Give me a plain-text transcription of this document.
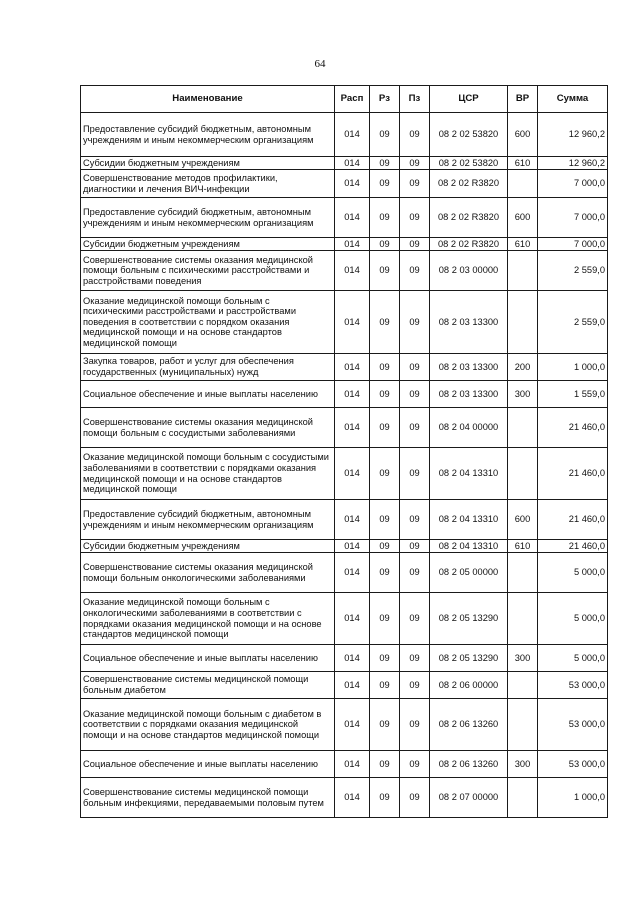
64
Наименование	Расп	Рз	Пз	ЦСР	ВР	Сумма
Предоставление субсидий бюджетным, автономным учреждениям и иным некоммерческим организациям	014	09	09	08 2 02 53820	600	12 960,2
Субсидии бюджетным учреждениям	014	09	09	08 2 02 53820	610	12 960,2
Совершенствование методов профилактики, диагностики и лечения ВИЧ-инфекции	014	09	09	08 2 02 R3820		7 000,0
Предоставление субсидий бюджетным, автономным учреждениям и иным некоммерческим организациям	014	09	09	08 2 02 R3820	600	7 000,0
Субсидии бюджетным учреждениям	014	09	09	08 2 02 R3820	610	7 000,0
Совершенствование системы оказания медицинской помощи больным с психическими расстройствами и расстройствами поведения	014	09	09	08 2 03 00000		2 559,0
Оказание медицинской помощи больным с психическими расстройствами и расстройствами поведения в соответствии с порядком оказания медицинской помощи и на основе стандартов медицинской помощи	014	09	09	08 2 03 13300		2 559,0
Закупка товаров, работ и услуг для обеспечения государственных (муниципальных) нужд	014	09	09	08 2 03 13300	200	1 000,0
Социальное обеспечение и иные выплаты населению	014	09	09	08 2 03 13300	300	1 559,0
Совершенствование системы оказания медицинской помощи больным с сосудистыми заболеваниями	014	09	09	08 2 04 00000		21 460,0
Оказание медицинской помощи больным с сосудистыми заболеваниями в соответствии с порядками оказания медицинской помощи и на основе стандартов медицинской помощи	014	09	09	08 2 04 13310		21 460,0
Предоставление субсидий бюджетным, автономным учреждениям и иным некоммерческим организациям	014	09	09	08 2 04 13310	600	21 460,0
Субсидии бюджетным учреждениям	014	09	09	08 2 04 13310	610	21 460,0
Совершенствование системы оказания медицинской помощи больным онкологическими заболеваниями	014	09	09	08 2 05 00000		5 000,0
Оказание медицинской помощи больным с онкологическими заболеваниями в соответствии с порядками оказания медицинской помощи и на основе стандартов медицинской помощи	014	09	09	08 2 05 13290		5 000,0
Социальное обеспечение и иные выплаты населению	014	09	09	08 2 05 13290	300	5 000,0
Совершенствование системы медицинской помощи больным диабетом	014	09	09	08 2 06 00000		53 000,0
Оказание медицинской помощи больным с диабетом в соответствии с порядками оказания медицинской помощи и на основе стандартов медицинской помощи	014	09	09	08 2 06 13260		53 000,0
Социальное обеспечение и иные выплаты населению	014	09	09	08 2 06 13260	300	53 000,0
Совершенствование системы медицинской помощи больным инфекциями, передаваемыми половым путем	014	09	09	08 2 07 00000		1 000,0
